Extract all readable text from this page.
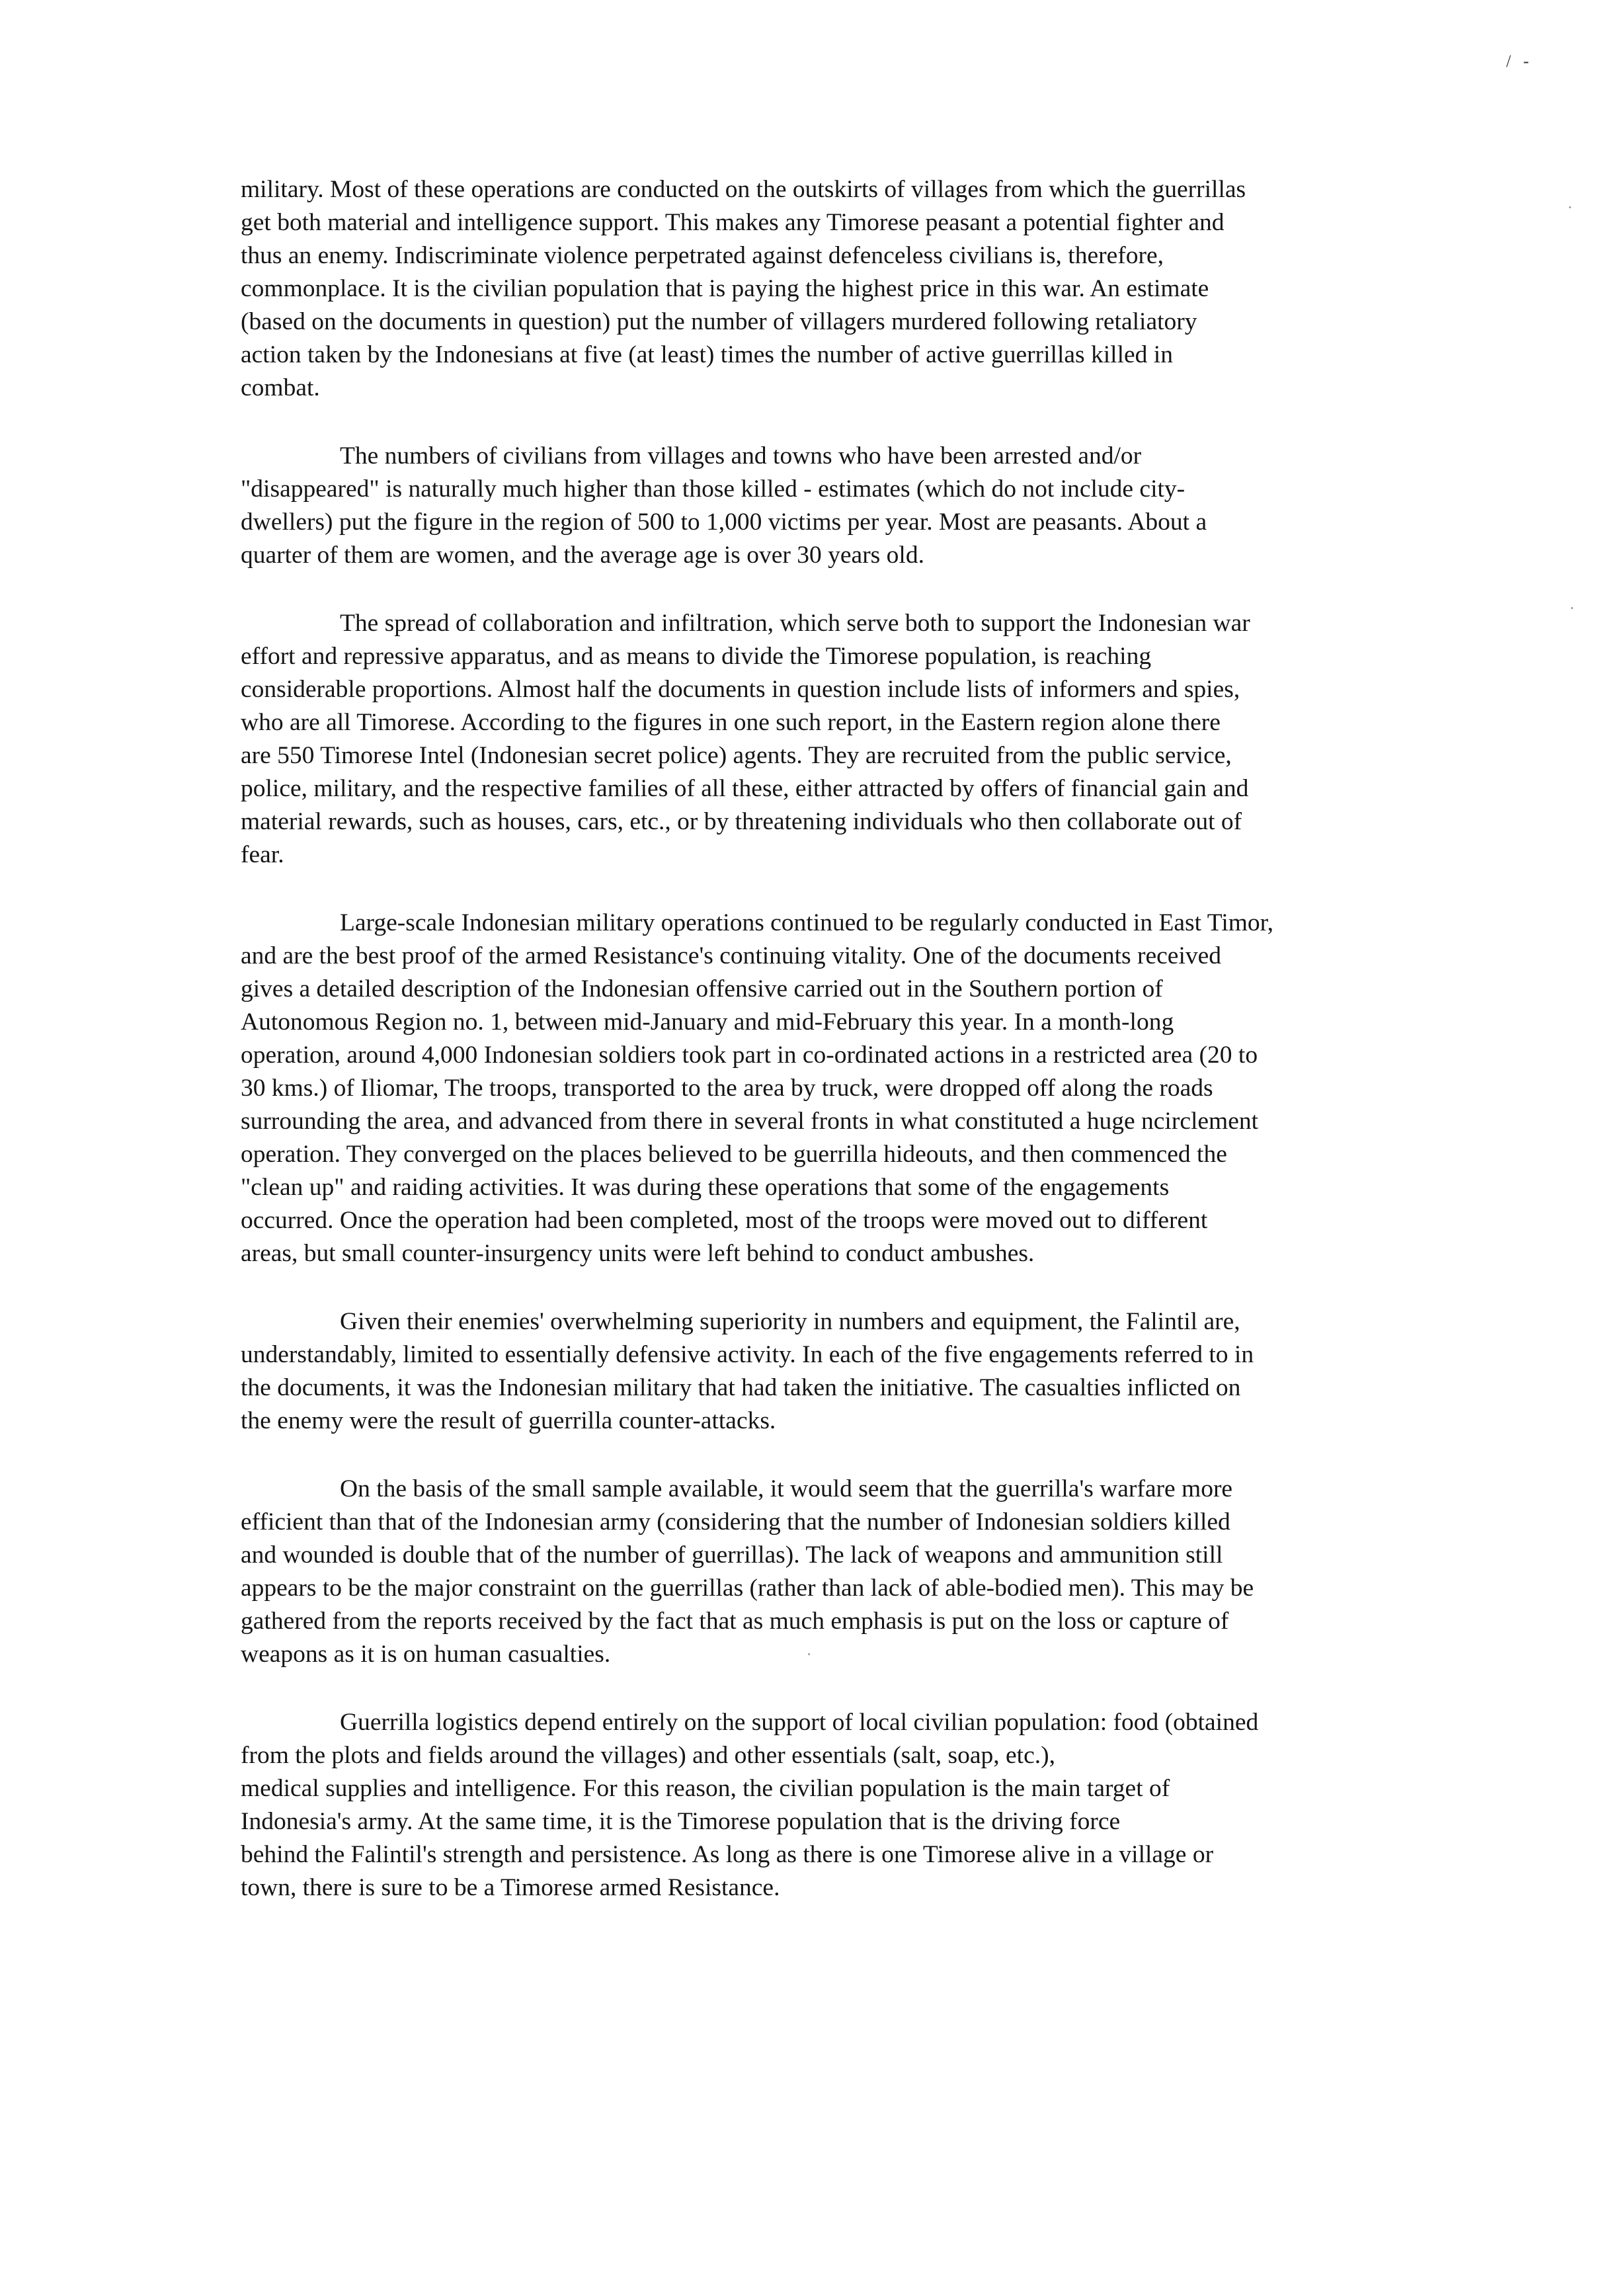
/ -

military. Most of these operations are conducted on the outskirts of villages from which the guerrillas
get both material and intelligence support. This makes any Timorese peasant a potential fighter and
thus an enemy. Indiscriminate violence perpetrated against defenceless civilians is, therefore,
commonplace. It is the civilian population that is paying the highest price in this war. An estimate
(based on the documents in question) put the number of villagers murdered following retaliatory
action taken by the Indonesians at five (at least) times the number of active guerrillas killed in
combat.

The numbers of civilians from villages and towns who have been arrested and/or
"disappeared" is naturally much higher than those killed - estimates (which do not include city-
dwellers) put the figure in the region of 500 to 1,000 victims per year. Most are peasants. About a
quarter of them are women, and the average age is over 30 years old.

The spread of collaboration and infiltration, which serve both to support the Indonesian war
effort and repressive apparatus, and as means to divide the Timorese population, is reaching
considerable proportions. Almost half the documents in question include lists of informers and spies,
who are all Timorese. According to the figures in one such report, in the Eastern region alone there
are 550 Timorese Intel (Indonesian secret police) agents. They are recruited from the public service,
police, military, and the respective families of all these, either attracted by offers of financial gain and
material rewards, such as houses, cars, etc., or by threatening individuals who then collaborate out of
fear.

Large-scale Indonesian military operations continued to be regularly conducted in East Timor,
and are the best proof of the armed Resistance's continuing vitality. One of the documents received
gives a detailed description of the Indonesian offensive carried out in the Southern portion of
Autonomous Region no. 1, between mid-January and mid-February this year. In a month-long
operation, around 4,000 Indonesian soldiers took part in co-ordinated actions in a restricted area (20 to
30 kms.) of Iliomar, The troops, transported to the area by truck, were dropped off along the roads
surrounding the area, and advanced from there in several fronts in what constituted a huge ncirclement
operation. They converged on the places believed to be guerrilla hideouts, and then commenced the
"clean up" and raiding activities. It was during these operations that some of the engagements
occurred. Once the operation had been completed, most of the troops were moved out to different
areas, but small counter-insurgency units were left behind to conduct ambushes.

Given their enemies' overwhelming superiority in numbers and equipment, the Falintil are,
understandably, limited to essentially defensive activity. In each of the five engagements referred to in
the documents, it was the Indonesian military that had taken the initiative. The casualties inflicted on
the enemy were the result of guerrilla counter-attacks.

On the basis of the small sample available, it would seem that the guerrilla's warfare more
efficient than that of the Indonesian army (considering that the number of Indonesian soldiers killed
and wounded is double that of the number of guerrillas). The lack of weapons and ammunition still
appears to be the major constraint on the guerrillas (rather than lack of able-bodied men). This may be
gathered from the reports received by the fact that as much emphasis is put on the loss or capture of
weapons as it is on human casualties.

Guerrilla logistics depend entirely on the support of local civilian population: food (obtained
from the plots and fields around the villages) and other essentials (salt, soap, etc.),
medical supplies and intelligence. For this reason, the civilian population is the main target of
Indonesia's army. At the same time, it is the Timorese population that is the driving force
behind the Falintil's strength and persistence. As long as there is one Timorese alive in a village or
town, there is sure to be a Timorese armed Resistance.
